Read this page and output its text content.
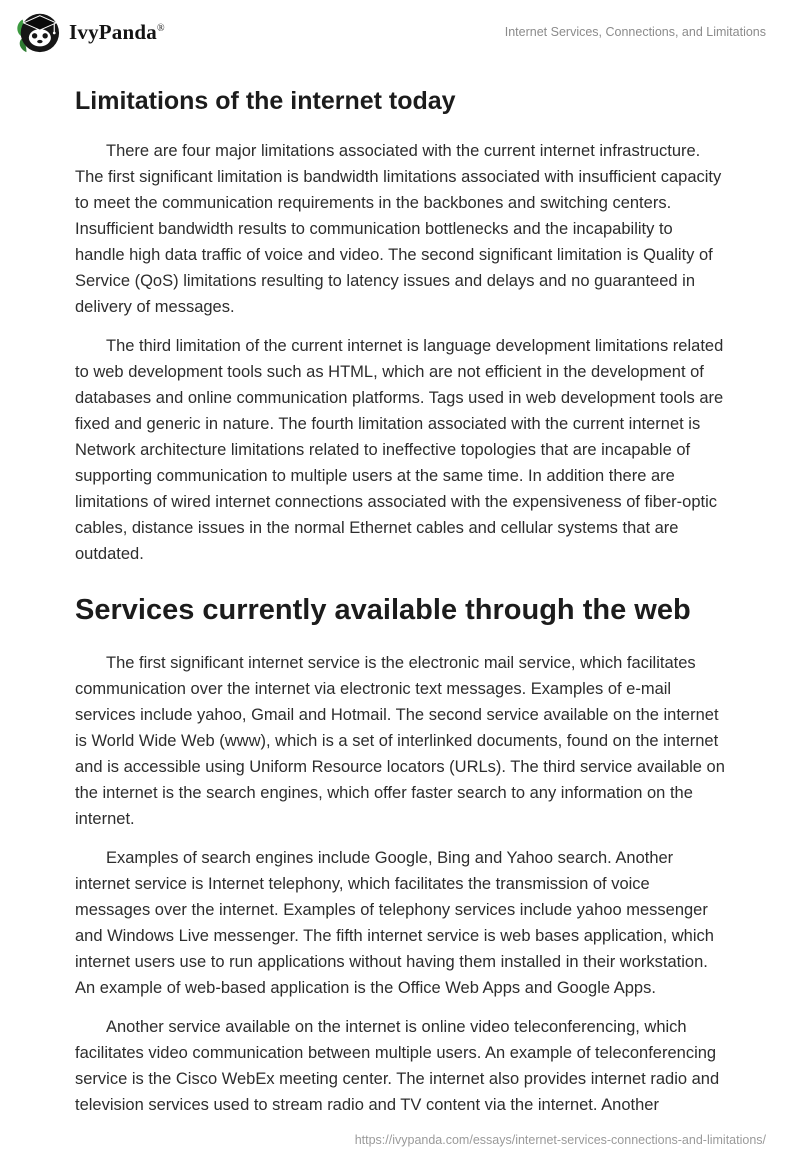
IvyPanda®	Internet Services, Connections, and Limitations
Limitations of the internet today

There are four major limitations associated with the current internet infrastructure. The first significant limitation is bandwidth limitations associated with insufficient capacity to meet the communication requirements in the backbones and switching centers. Insufficient bandwidth results to communication bottlenecks and the incapability to handle high data traffic of voice and video. The second significant limitation is Quality of Service (QoS) limitations resulting to latency issues and delays and no guaranteed in delivery of messages.

The third limitation of the current internet is language development limitations related to web development tools such as HTML, which are not efficient in the development of databases and online communication platforms. Tags used in web development tools are fixed and generic in nature. The fourth limitation associated with the current internet is Network architecture limitations related to ineffective topologies that are incapable of supporting communication to multiple users at the same time. In addition there are limitations of wired internet connections associated with the expensiveness of fiber-optic cables, distance issues in the normal Ethernet cables and cellular systems that are outdated.

Services currently available through the web

The first significant internet service is the electronic mail service, which facilitates communication over the internet via electronic text messages. Examples of e-mail services include yahoo, Gmail and Hotmail. The second service available on the internet is World Wide Web (www), which is a set of interlinked documents, found on the internet and is accessible using Uniform Resource locators (URLs). The third service available on the internet is the search engines, which offer faster search to any information on the internet.

Examples of search engines include Google, Bing and Yahoo search. Another internet service is Internet telephony, which facilitates the transmission of voice messages over the internet. Examples of telephony services include yahoo messenger and Windows Live messenger. The fifth internet service is web bases application, which internet users use to run applications without having them installed in their workstation. An example of web-based application is the Office Web Apps and Google Apps.

Another service available on the internet is online video teleconferencing, which facilitates video communication between multiple users. An example of teleconferencing service is the Cisco WebEx meeting center. The internet also provides internet radio and television services used to stream radio and TV content via the internet. Another

https://ivypanda.com/essays/internet-services-connections-and-limitations/
